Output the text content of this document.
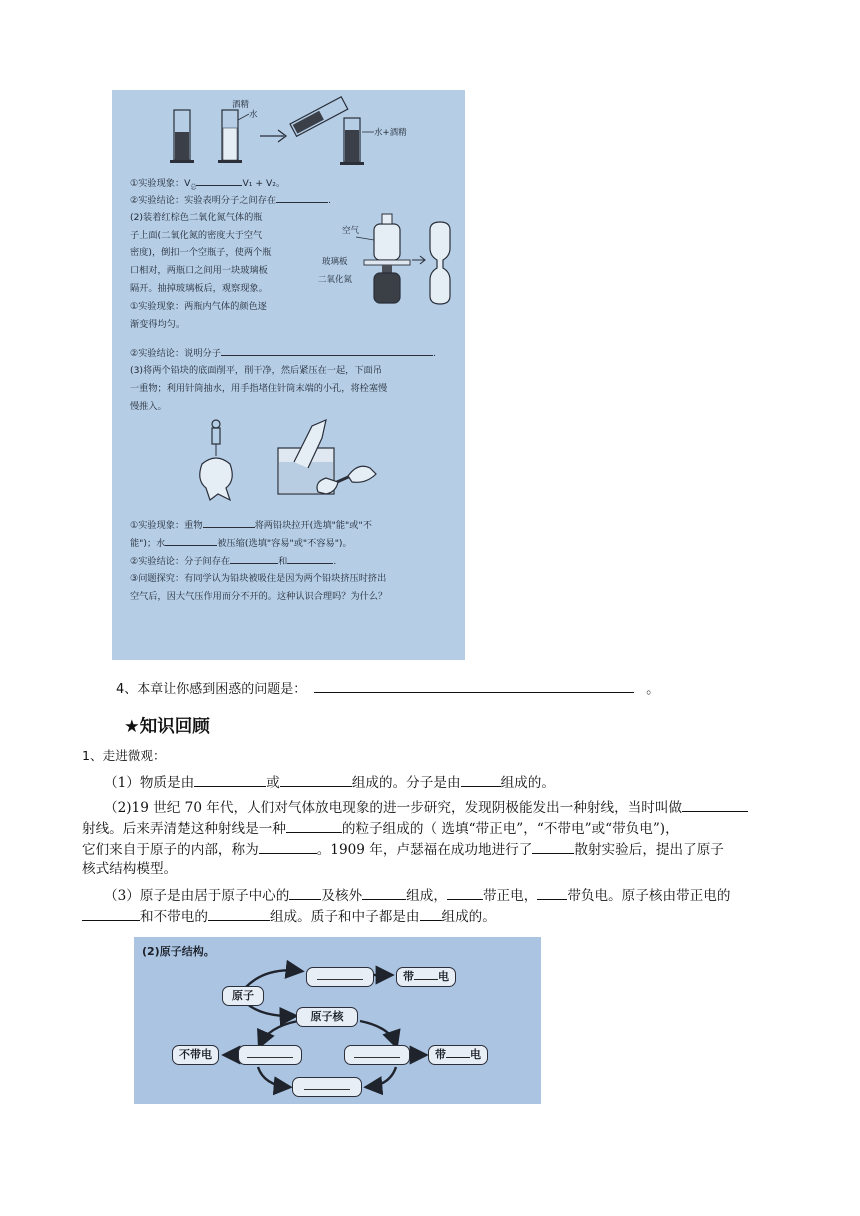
酒精
水
水+酒精
①实验现象：$V_总$	V₁ + V₂。
②实验结论：实验表明分子之间存在	.
(2)装着红棕色二氧化氮气体的瓶
子上面(二氧化氮的密度大于空气
密度)，倒扣一个空瓶子，使两个瓶
口相对，两瓶口之间用一块玻璃板
隔开。抽掉玻璃板后，观察现象。
①实验现象：两瓶内气体的颜色逐
渐变得均匀。
空气
玻璃板
二氧化氮
②实验结论：说明分子	.
(3)将两个铅块的底面削平，削干净，然后紧压在一起，下面吊
一重物；利用针筒抽水，用手指堵住针筒末端的小孔，将栓塞慢
慢推入。
①实验现象：重物	将两铅块拉开(选填"能"或"不
能")；水	被压缩(选填"容易"或"不容易")。
②实验结论：分子间存在	和	.
③问题探究：有同学认为铅块被吸住是因为两个铅块挤压时挤出
空气后，因大气压作用而分不开的。这种认识合理吗？为什么？
4、本章让你感到困惑的问题是：	。
★知识回顾
1、走进微观：
（1）物质是由	或	组成的。分子是由	组成的。
（2)19 世纪 70 年代，人们对气体放电现象的进一步研究，发现阴极能发出一种射线，当时叫做
射线。后来弄清楚这种射线是一种	的粒子组成的（ 选填“带正电”，“不带电”或“带负电”)，
它们来自于原子的内部，称为	。1909 年，卢瑟福在成功地进行了	散射实验后，提出了原子
核式结构模型。
（3）原子是由居于原子中心的 及核外	组成，	带正电， 带负电。原子核由带正电的
和不带电的	组成。质子和中子都是由 组成的。
(2)原子结构。
原子
带 电
原子核
不带电	带 电
